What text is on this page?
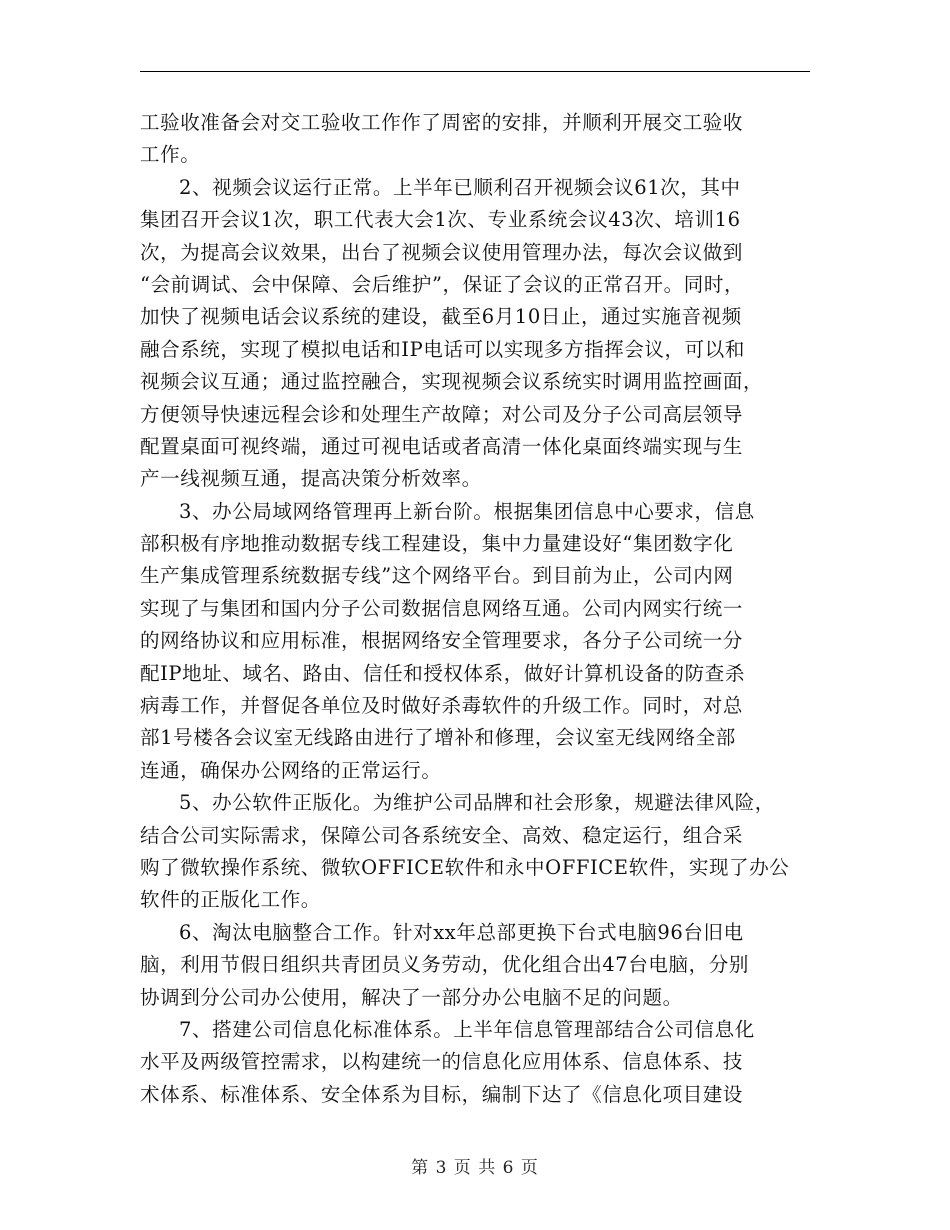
工验收准备会对交工验收工作作了周密的安排，并顺利开展交工验收
工作。
2、视频会议运行正常。上半年已顺利召开视频会议61次，其中
集团召开会议1次，职工代表大会1次、专业系统会议43次、培训16
次，为提高会议效果，出台了视频会议使用管理办法，每次会议做到
“会前调试、会中保障、会后维护”，保证了会议的正常召开。同时，
加快了视频电话会议系统的建设，截至6月10日止，通过实施音视频
融合系统，实现了模拟电话和IP电话可以实现多方指挥会议，可以和
视频会议互通；通过监控融合，实现视频会议系统实时调用监控画面，
方便领导快速远程会诊和处理生产故障；对公司及分子公司高层领导
配置桌面可视终端，通过可视电话或者高清一体化桌面终端实现与生
产一线视频互通，提高决策分析效率。
3、办公局域网络管理再上新台阶。根据集团信息中心要求，信息
部积极有序地推动数据专线工程建设，集中力量建设好“集团数字化
生产集成管理系统数据专线”这个网络平台。到目前为止，公司内网
实现了与集团和国内分子公司数据信息网络互通。公司内网实行统一
的网络协议和应用标准，根据网络安全管理要求，各分子公司统一分
配IP地址、域名、路由、信任和授权体系，做好计算机设备的防查杀
病毒工作，并督促各单位及时做好杀毒软件的升级工作。同时，对总
部1号楼各会议室无线路由进行了增补和修理，会议室无线网络全部
连通，确保办公网络的正常运行。
5、办公软件正版化。为维护公司品牌和社会形象，规避法律风险，
结合公司实际需求，保障公司各系统安全、高效、稳定运行，组合采
购了微软操作系统、微软OFFICE软件和永中OFFICE软件，实现了办公
软件的正版化工作。
6、淘汰电脑整合工作。针对xx年总部更换下台式电脑96台旧电
脑，利用节假日组织共青团员义务劳动，优化组合出47台电脑，分别
协调到分公司办公使用，解决了一部分办公电脑不足的问题。
7、搭建公司信息化标准体系。上半年信息管理部结合公司信息化
水平及两级管控需求，以构建统一的信息化应用体系、信息体系、技
术体系、标准体系、安全体系为目标，编制下达了《信息化项目建设
第 3 页 共 6 页
